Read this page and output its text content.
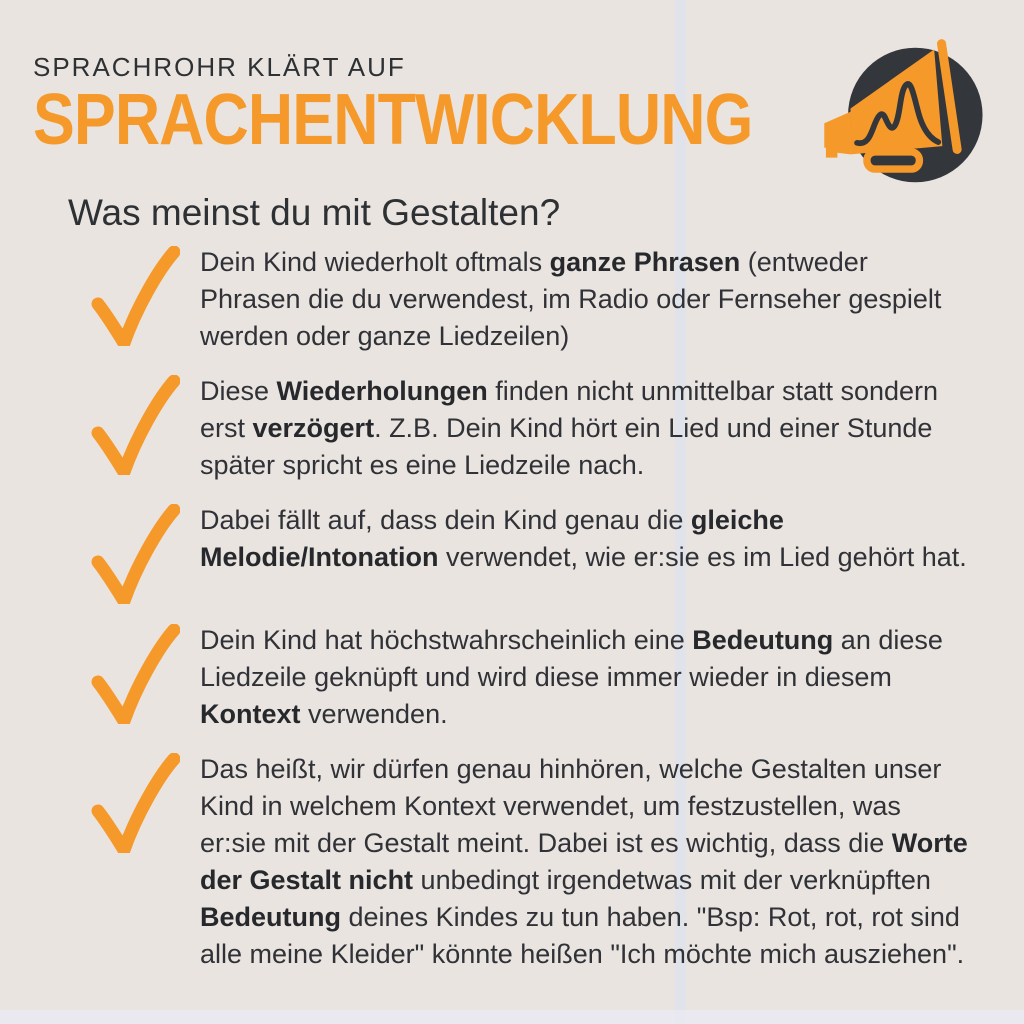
SPRACHROHR KLÄRT AUF
SPRACHENTWICKLUNG
Was meinst du mit Gestalten?

Dein Kind wiederholt oftmals ganze Phrasen (entweder Phrasen die du verwendest, im Radio oder Fernseher gespielt werden oder ganze Liedzeilen)

Diese Wiederholungen finden nicht unmittelbar statt sondern erst verzögert. Z.B. Dein Kind hört ein Lied und einer Stunde später spricht es eine Liedzeile nach.

Dabei fällt auf, dass dein Kind genau die gleiche Melodie/Intonation verwendet, wie er:sie es im Lied gehört hat.

Dein Kind hat höchstwahrscheinlich eine Bedeutung an diese Liedzeile geknüpft und wird diese immer wieder in diesem Kontext verwenden.

Das heißt, wir dürfen genau hinhören, welche Gestalten unser Kind in welchem Kontext verwendet, um festzustellen, was er:sie mit der Gestalt meint. Dabei ist es wichtig, dass die Worte der Gestalt nicht unbedingt irgendetwas mit der verknüpften Bedeutung deines Kindes zu tun haben. "Bsp: Rot, rot, rot sind alle meine Kleider" könnte heißen "Ich möchte mich ausziehen".
